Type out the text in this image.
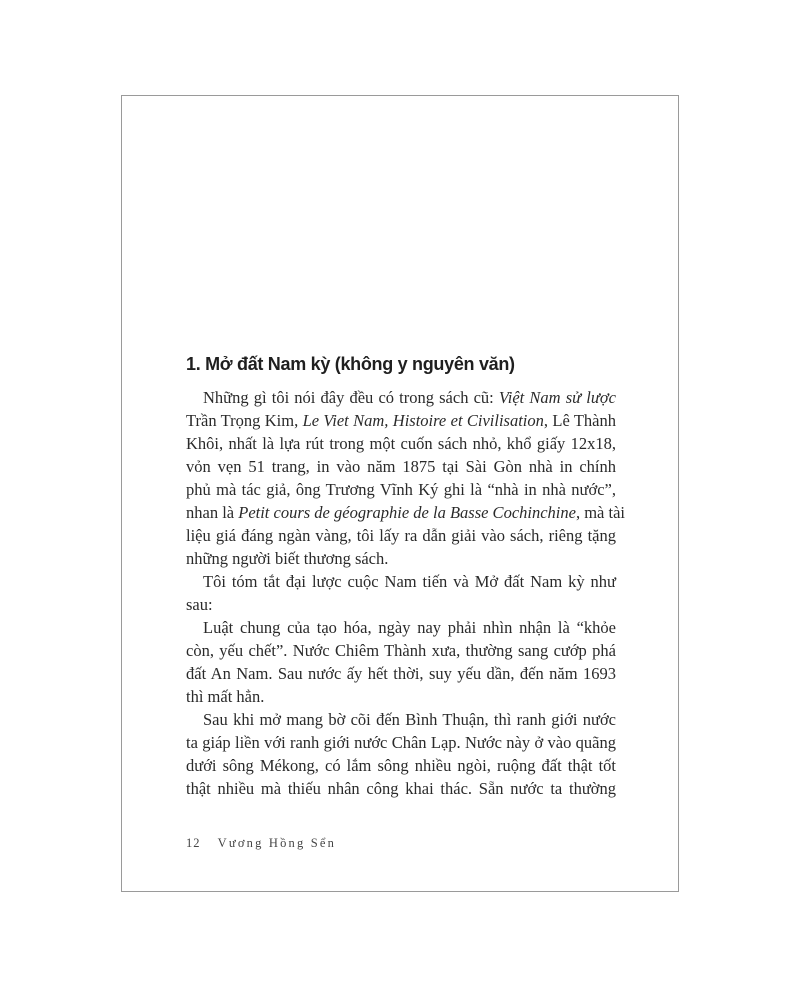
1. Mở đất Nam kỳ (không y nguyên văn)
Những gì tôi nói đây đều có trong sách cũ: Việt Nam sử lược
Trần Trọng Kim, Le Viet Nam, Histoire et Civilisation, Lê Thành
Khôi, nhất là lựa rút trong một cuốn sách nhỏ, khổ giấy 12x18,
vỏn vẹn 51 trang, in vào năm 1875 tại Sài Gòn nhà in chính
phủ mà tác giả, ông Trương Vĩnh Ký ghi là “nhà in nhà nước”,
nhan là Petit cours de géographie de la Basse Cochinchine, mà tài
liệu giá đáng ngàn vàng, tôi lấy ra dẫn giải vào sách, riêng tặng
những người biết thương sách.
Tôi tóm tắt đại lược cuộc Nam tiến và Mở đất Nam kỳ như
sau:
Luật chung của tạo hóa, ngày nay phải nhìn nhận là “khỏe
còn, yếu chết”. Nước Chiêm Thành xưa, thường sang cướp phá
đất An Nam. Sau nước ấy hết thời, suy yếu dần, đến năm 1693
thì mất hẳn.
Sau khi mở mang bờ cõi đến Bình Thuận, thì ranh giới nước
ta giáp liền với ranh giới nước Chân Lạp. Nước này ở vào quãng
dưới sông Mékong, có lắm sông nhiều ngòi, ruộng đất thật tốt
thật nhiều mà thiếu nhân công khai thác. Sẵn nước ta thường
12 Vương Hồng Sển
